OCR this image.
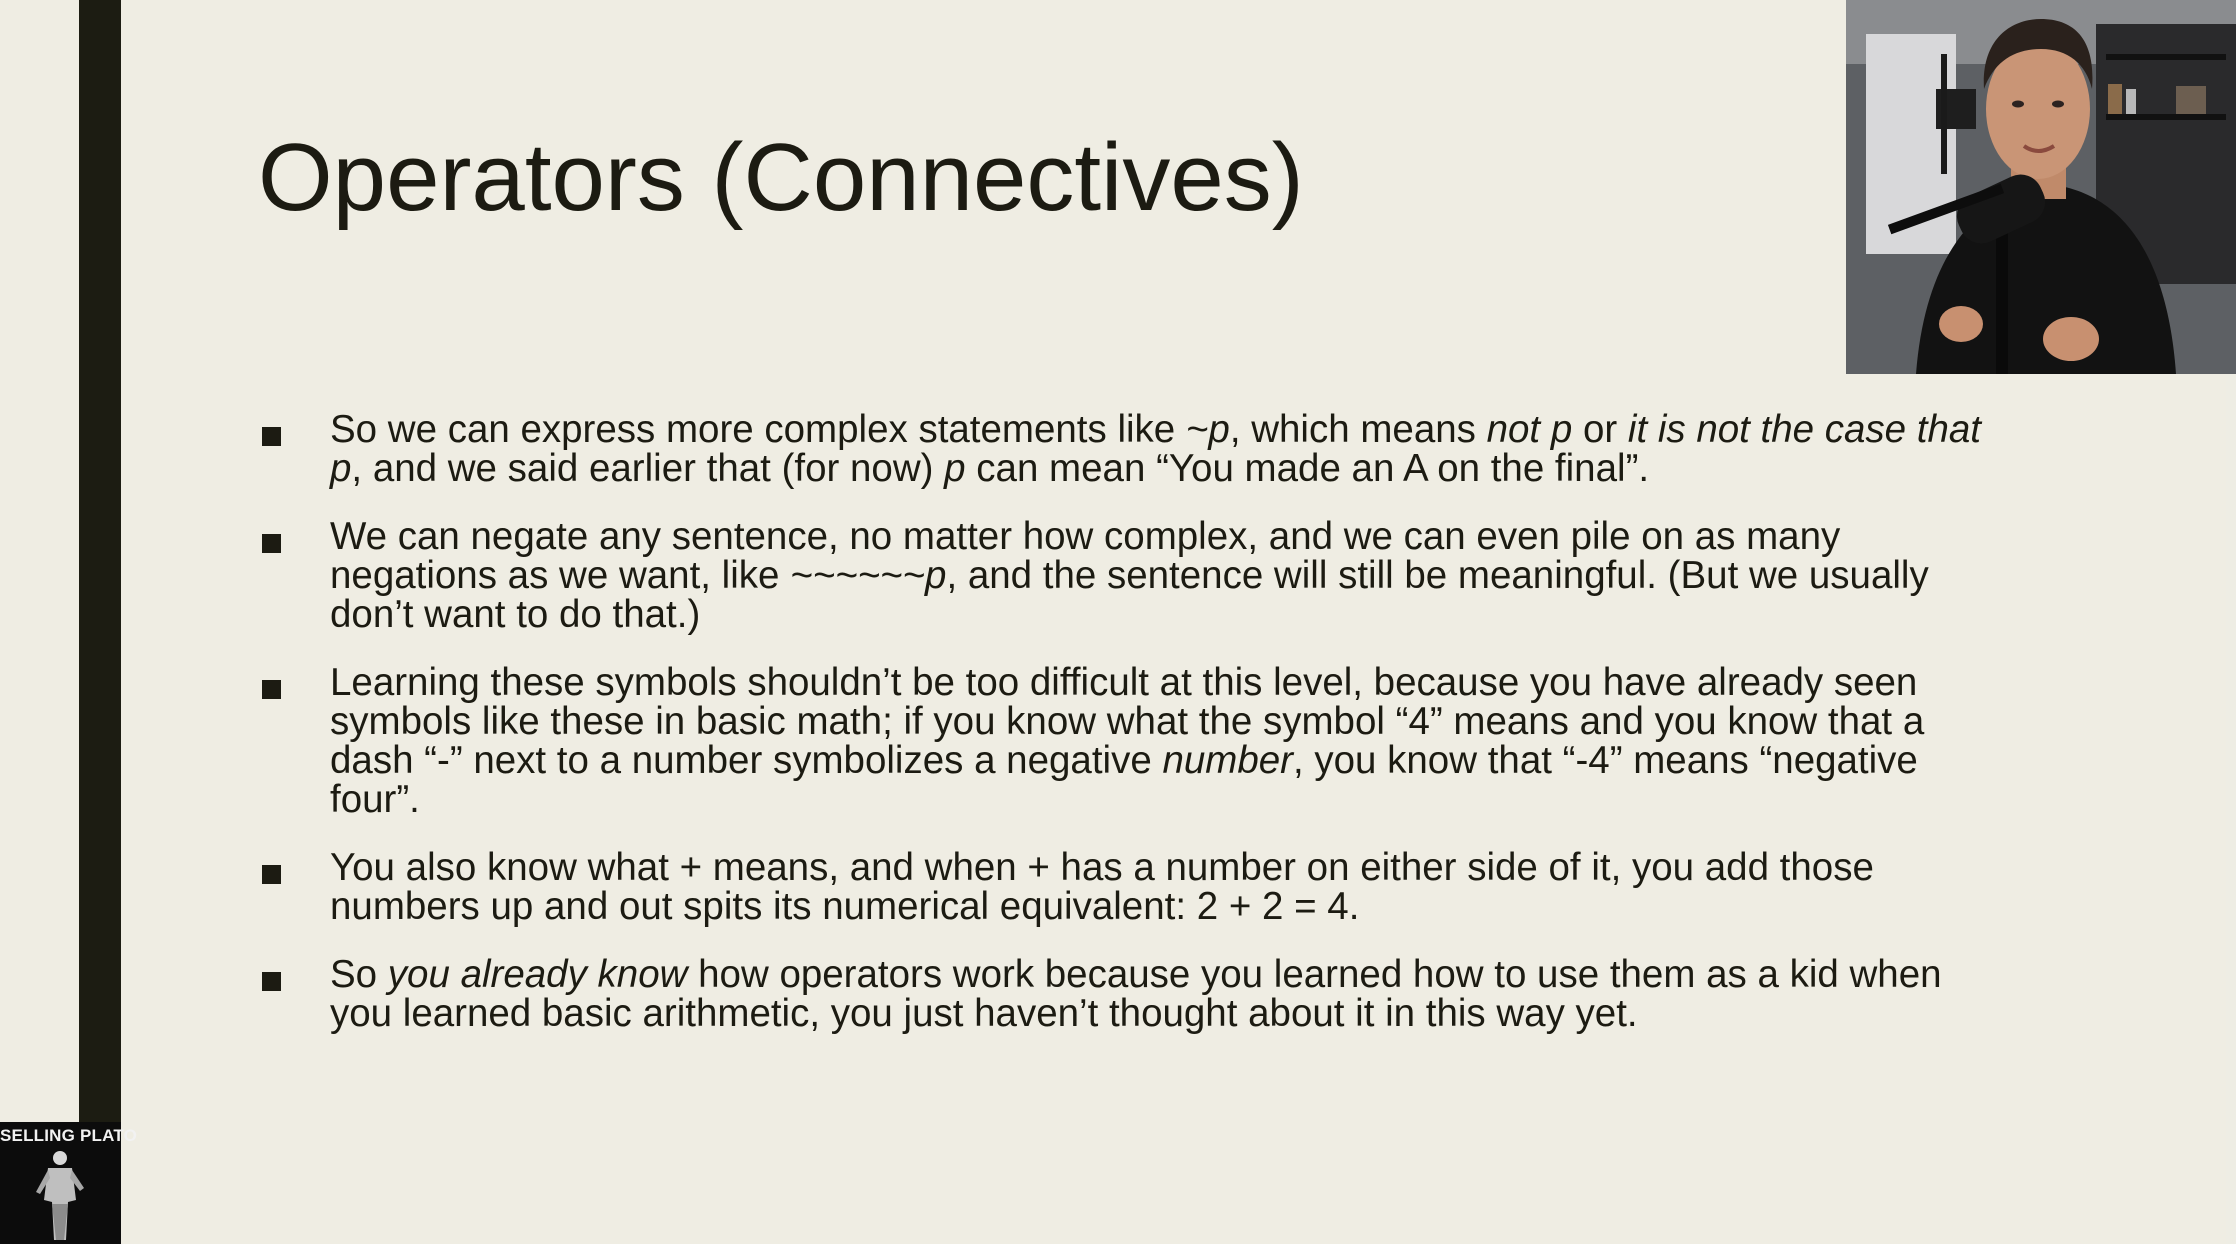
Operators (Connectives)
So we can express more complex statements like ~p, which means not p or it is not the case that p, and we said earlier that (for now) p can mean “You made an A on the final”.
We can negate any sentence, no matter how complex, and we can even pile on as many negations as we want, like ~~~~~~p, and the sentence will still be meaningful. (But we usually don’t want to do that.)
Learning these symbols shouldn’t be too difficult at this level, because you have already seen symbols like these in basic math; if you know what the symbol “4” means and you know that a dash “-” next to a number symbolizes a negative number, you know that “-4” means “negative four”.
You also know what + means, and when + has a number on either side of it, you add those numbers up and out spits its numerical equivalent: 2 + 2 = 4.
So you already know how operators work because you learned how to use them as a kid when you learned basic arithmetic, you just haven’t thought about it in this way yet.
SELLING PLATO
